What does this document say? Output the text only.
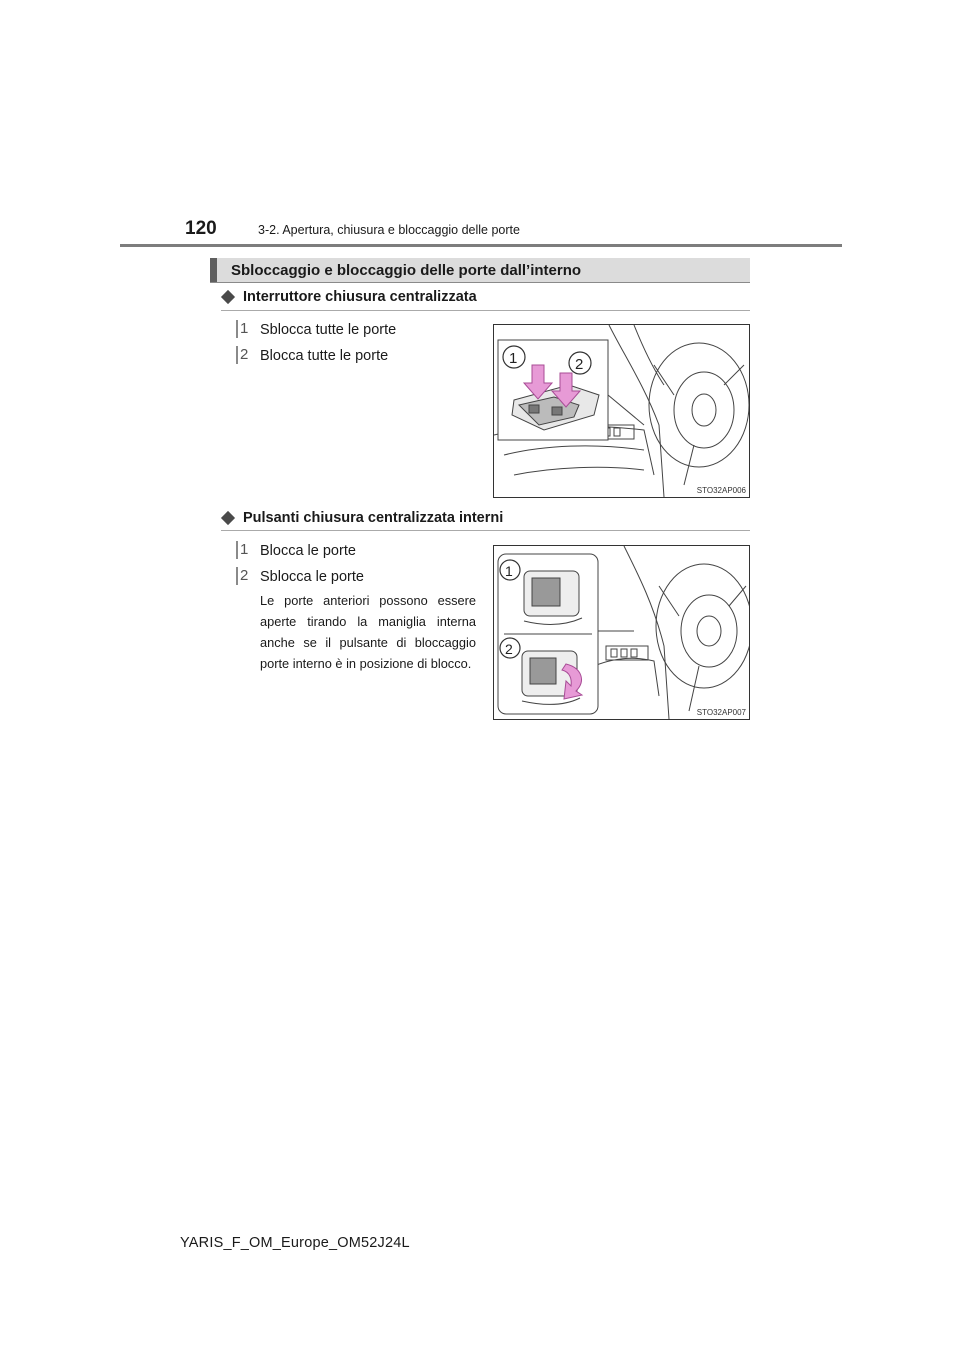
120	3-2. Apertura, chiusura e bloccaggio delle porte
Sbloccaggio e bloccaggio delle porte dall’interno
Interruttore chiusura centralizzata
1 Sblocca tutte le porte
2 Blocca tutte le porte	1	2
STO32AP006
Pulsanti chiusura centralizzata interni
1 Blocca le porte
2 Sblocca le porte
Le porte anteriori possono essere aperte tirando la maniglia interna anche se il pulsante di bloccaggio porte interno è in posizione di blocco.
1
2
STO32AP007
YARIS_F_OM_Europe_OM52J24L
